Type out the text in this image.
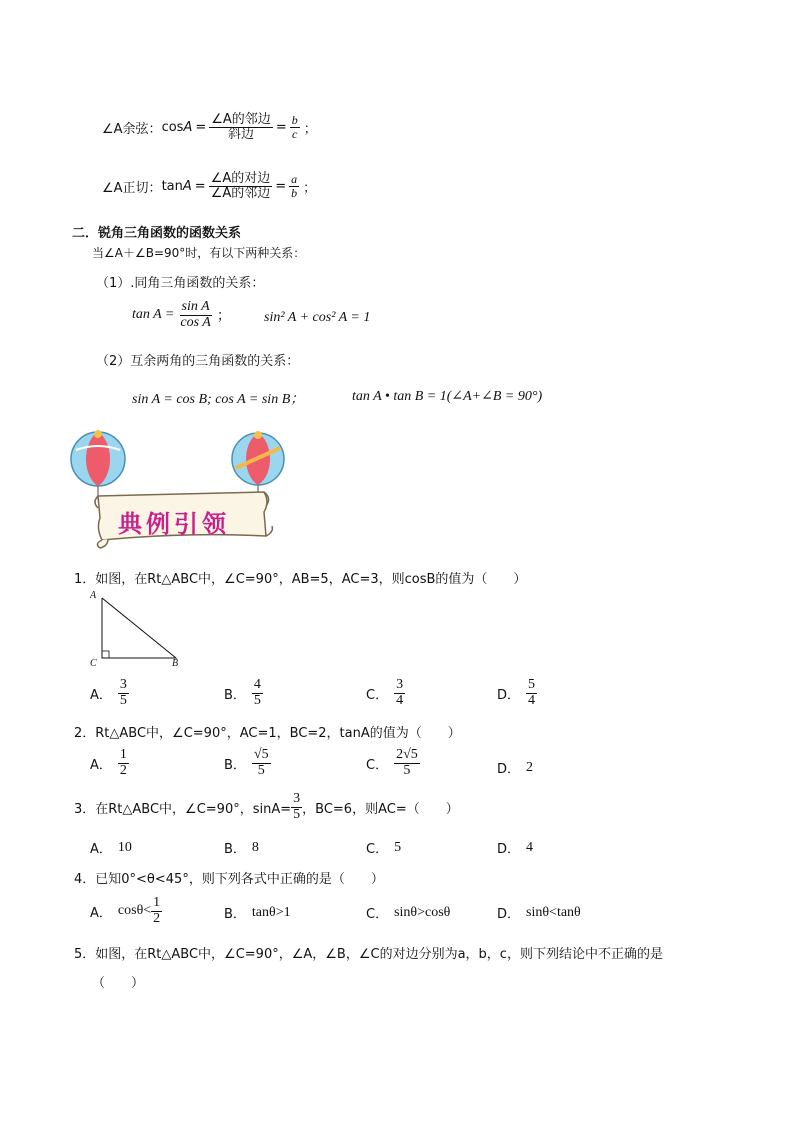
∠A余弦： $\cos A = \frac{\text{∠A的邻边}}{\text{斜边}} = \frac{b}{c}$ ；
∠A正切： $\tan A = \frac{\text{∠A的对边}}{\text{∠A的邻边}} = \frac{a}{b}$ ；
二．锐角三角函数的函数关系
当∠A＋∠B=90°时，有以下两种关系：
（1）.同角三角函数的关系：
$\tan A = \frac{\text{sin A}}{\text{cos A}}$ ； sin² A + cos² A = 1
（2）互余两角的三角函数的关系：
sin A = cos B; cos A = sin B；	tan A • tan B = 1(∠A+∠B = 90°)
典例引领
1．如图，在Rt△ABC中，∠C=90°，AB=5，AC=3，则cosB的值为（　　）
A
C	B
A． $\frac{3}{5}$	B． $\frac{4}{5}$	C． $\frac{3}{4}$	D． $\frac{5}{4}$
2．Rt△ABC中，∠C=90°，AC=1，BC=2，tanA的值为（　　）
A． $\frac{1}{2}$	B． $\frac{√5}{5}$	C． $\frac{2√5}{5}$	D． 2
3．在Rt△ABC中，∠C=90°，$\sin A= \frac{3}{5}$ ，BC=6，则AC=（　　）
A． 10	B． 8	C． 5	D． 4
4．已知0°<θ<45°，则下列各式中正确的是（　　）
A． $\cos\theta< \frac{1}{2}$	B． tanθ>1	C． sinθ>cosθ	D． sinθ<tanθ
5．如图，在Rt△ABC中，∠C=90°，∠A，∠B，∠C的对边分别为a，b，c，则下列结论中不正确的是
（　　）
